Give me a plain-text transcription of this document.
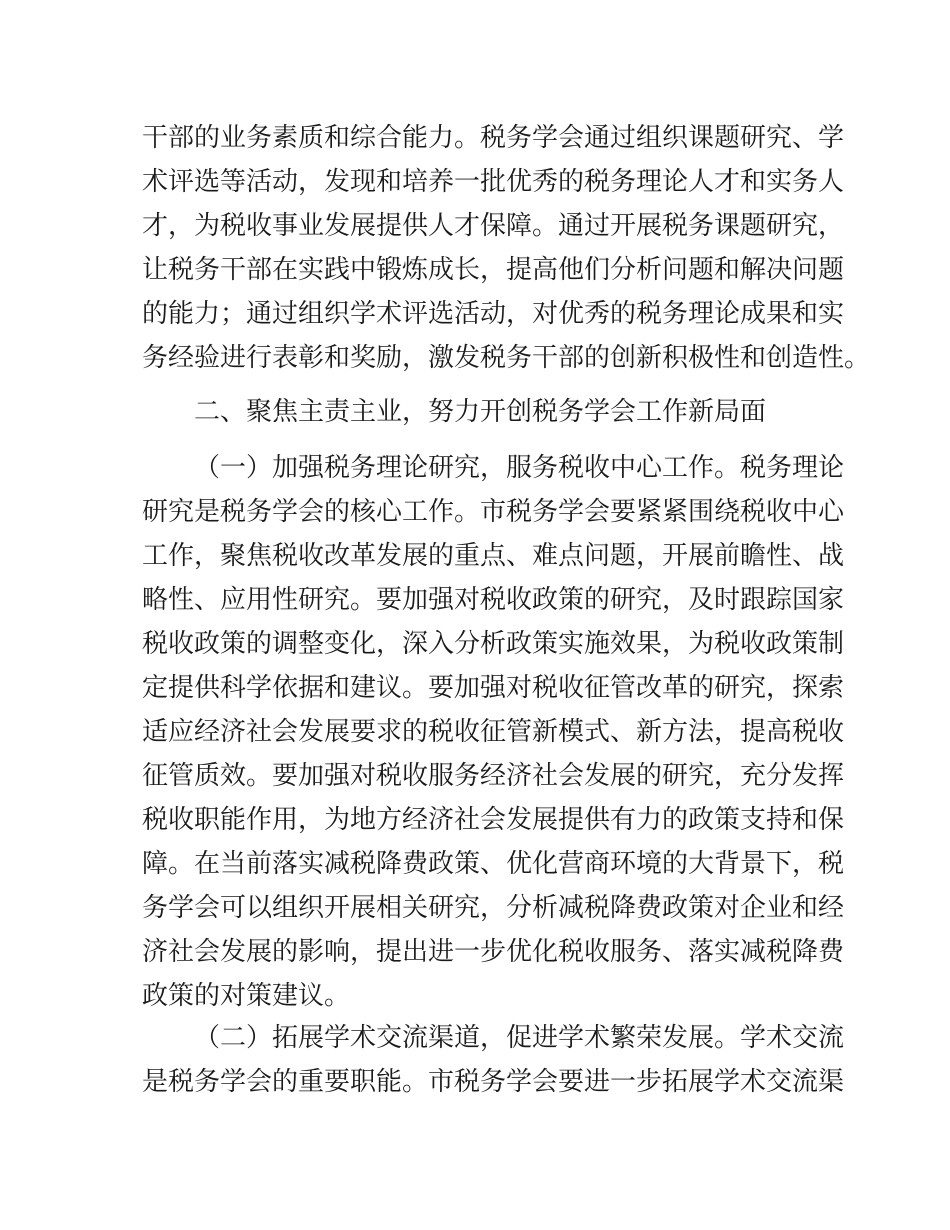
干部的业务素质和综合能力。税务学会通过组织课题研究、学
术评选等活动，发现和培养一批优秀的税务理论人才和实务人
才，为税收事业发展提供人才保障。通过开展税务课题研究，
让税务干部在实践中锻炼成长，提高他们分析问题和解决问题
的能力；通过组织学术评选活动，对优秀的税务理论成果和实
务经验进行表彰和奖励，激发税务干部的创新积极性和创造性。
二、聚焦主责主业，努力开创税务学会工作新局面
（一）加强税务理论研究，服务税收中心工作。税务理论
研究是税务学会的核心工作。市税务学会要紧紧围绕税收中心
工作，聚焦税收改革发展的重点、难点问题，开展前瞻性、战
略性、应用性研究。要加强对税收政策的研究，及时跟踪国家
税收政策的调整变化，深入分析政策实施效果，为税收政策制
定提供科学依据和建议。要加强对税收征管改革的研究，探索
适应经济社会发展要求的税收征管新模式、新方法，提高税收
征管质效。要加强对税收服务经济社会发展的研究，充分发挥
税收职能作用，为地方经济社会发展提供有力的政策支持和保
障。在当前落实减税降费政策、优化营商环境的大背景下，税
务学会可以组织开展相关研究，分析减税降费政策对企业和经
济社会发展的影响，提出进一步优化税收服务、落实减税降费
政策的对策建议。
（二）拓展学术交流渠道，促进学术繁荣发展。学术交流
是税务学会的重要职能。市税务学会要进一步拓展学术交流渠
